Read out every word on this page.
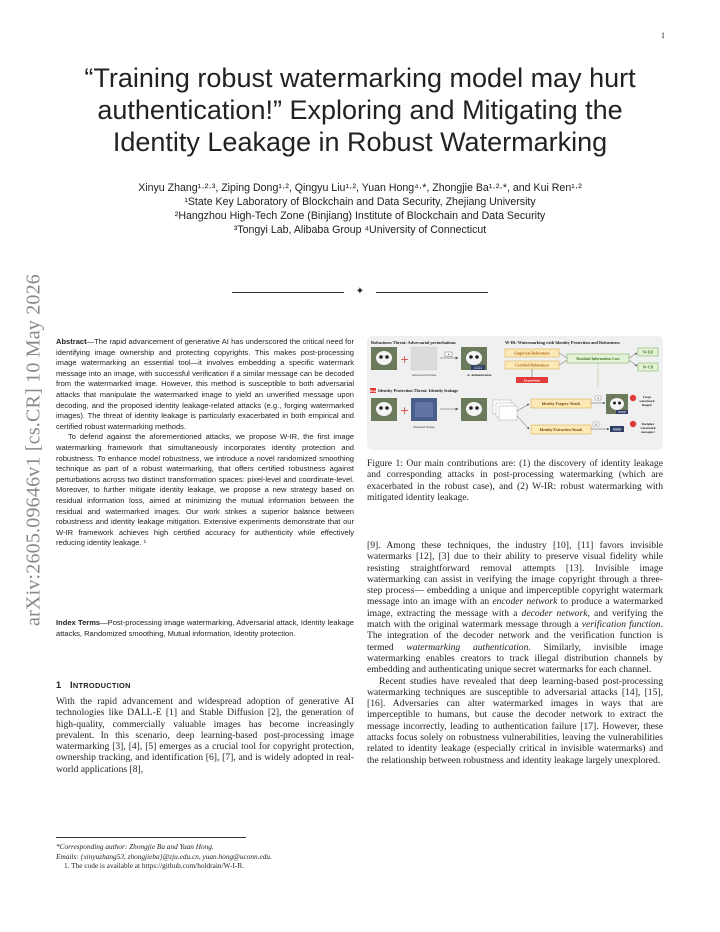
1
arXiv:2605.09646v1 [cs.CR] 10 May 2026
“Training robust watermarking model may hurt authentication!” Exploring and Mitigating the Identity Leakage in Robust Watermarking
Xinyu Zhang¹·²·³, Ziping Dong¹·², Qingyu Liu¹·², Yuan Hong⁴·*, Zhongjie Ba¹·²·*, and Kui Ren¹·²
¹State Key Laboratory of Blockchain and Data Security, Zhejiang University
²Hangzhou High-Tech Zone (Binjiang) Institute of Blockchain and Data Security
³Tongyi Lab, Alibaba Group ⁴University of Connecticut
✦

Abstract—The rapid advancement of generative AI has underscored the critical need for identifying image ownership and protecting copyrights. This makes post-processing image watermarking an essential tool—it involves embedding a specific watermark message into an image, with successful verification if a similar message can be decoded from the watermarked image. However, this method is susceptible to both adversarial attacks that manipulate the watermarked image to yield an unverified message upon decoding, and the proposed identity leakage-related attacks (e.g., forging watermarked images). The threat of identity leakage is particularly exacerbated in both empirical and certified robust watermarking methods.

To defend against the aforementioned attacks, we propose W-IR, the first image watermarking framework that simultaneously incorporates identity protection and robustness. To enhance model robustness, we introduce a novel randomized smoothing technique as part of a robust watermarking, that offers certified robustness against perturbations across two distinct transformation spaces: pixel-level and coordinate-level. Moreover, to further mitigate identity leakage, we propose a new strategy based on residual information loss, aimed at minimizing the mutual information between the residual and watermarked images. Our work strikes a superior balance between robustness and identity leakage mitigation. Extensive experiments demonstrate that our W-IR framework achieves high certified accuracy for authenticity while effectively reducing identity leakage. ¹

Index Terms—Post-processing image watermarking, Adversarial attack, Identity leakage attacks, Randomized smoothing, Mutual information, Identity protection.
1 INTRODUCTION

With the rapid advancement and widespread adoption of generative AI technologies like DALL-E [1] and Stable Diffusion [2], the generation of high-quality, commercially valuable images has become increasingly prevalent. In this scenario, deep learning-based post-processing image watermarking [3], [4], [5] emerges as a crucial tool for copyright protection, ownership tracking, and identification [6], [7], and is widely adopted in real-world applications [8],

*Corresponding author: Zhongjie Ba and Yuan Hong.
Emails: {xinyuzhang53, zhongjieba}@zju.edu.cn, yuan.hong@uconn.edu.
1. The code is available at https://github.com/holdrain/W-I-R.
Robustness Threat: Adversarial perturbations
+
Adversarial Noise
A
1111
A: Authentication
W-IR: Watermarking with Identity Protection and Robustness
Empirical Robustness
Certified Robustness
Residual Information Loss
W-ER
W-CR
Exacerbate
New Identity Protection Threat: Identity leakage
+
Residual Image
Identity Forgery Attack
Identity Extraction Attack
A
0000
Forge watermark images!
A
0000
Decipher watermark messages!

Figure 1: Our main contributions are: (1) the discovery of identity leakage and corresponding attacks in post-processing watermarking (which are exacerbated in the robust case), and (2) W-IR: robust watermarking with mitigated identity leakage.

[9]. Among these techniques, the industry [10], [11] favors invisible watermarks [12], [3] due to their ability to preserve visual fidelity while resisting straightforward removal attempts [13]. Invisible image watermarking can assist in verifying the image copyright through a three-step process— embedding a unique and imperceptible copyright watermark message into an image with an encoder network to produce a watermarked image, extracting the message with a decoder network, and verifying the match with the original watermark message through a verification function. The integration of the decoder network and the verification function is termed watermarking authentication. Similarly, invisible image watermarking enables creators to track illegal distribution channels by embedding and authenticating unique secret watermarks for each channel.

Recent studies have revealed that deep learning-based post-processing watermarking techniques are susceptible to adversarial attacks [14], [15], [16]. Adversaries can alter watermarked images in ways that are imperceptible to humans, but cause the decoder network to extract the message incorrectly, leading to authentication failure [17]. However, these attacks focus solely on robustness vulnerabilities, leaving the vulnerabilities related to identity leakage (especially critical in invisible watermarks) and the relationship between robustness and identity leakage largely unexplored.
